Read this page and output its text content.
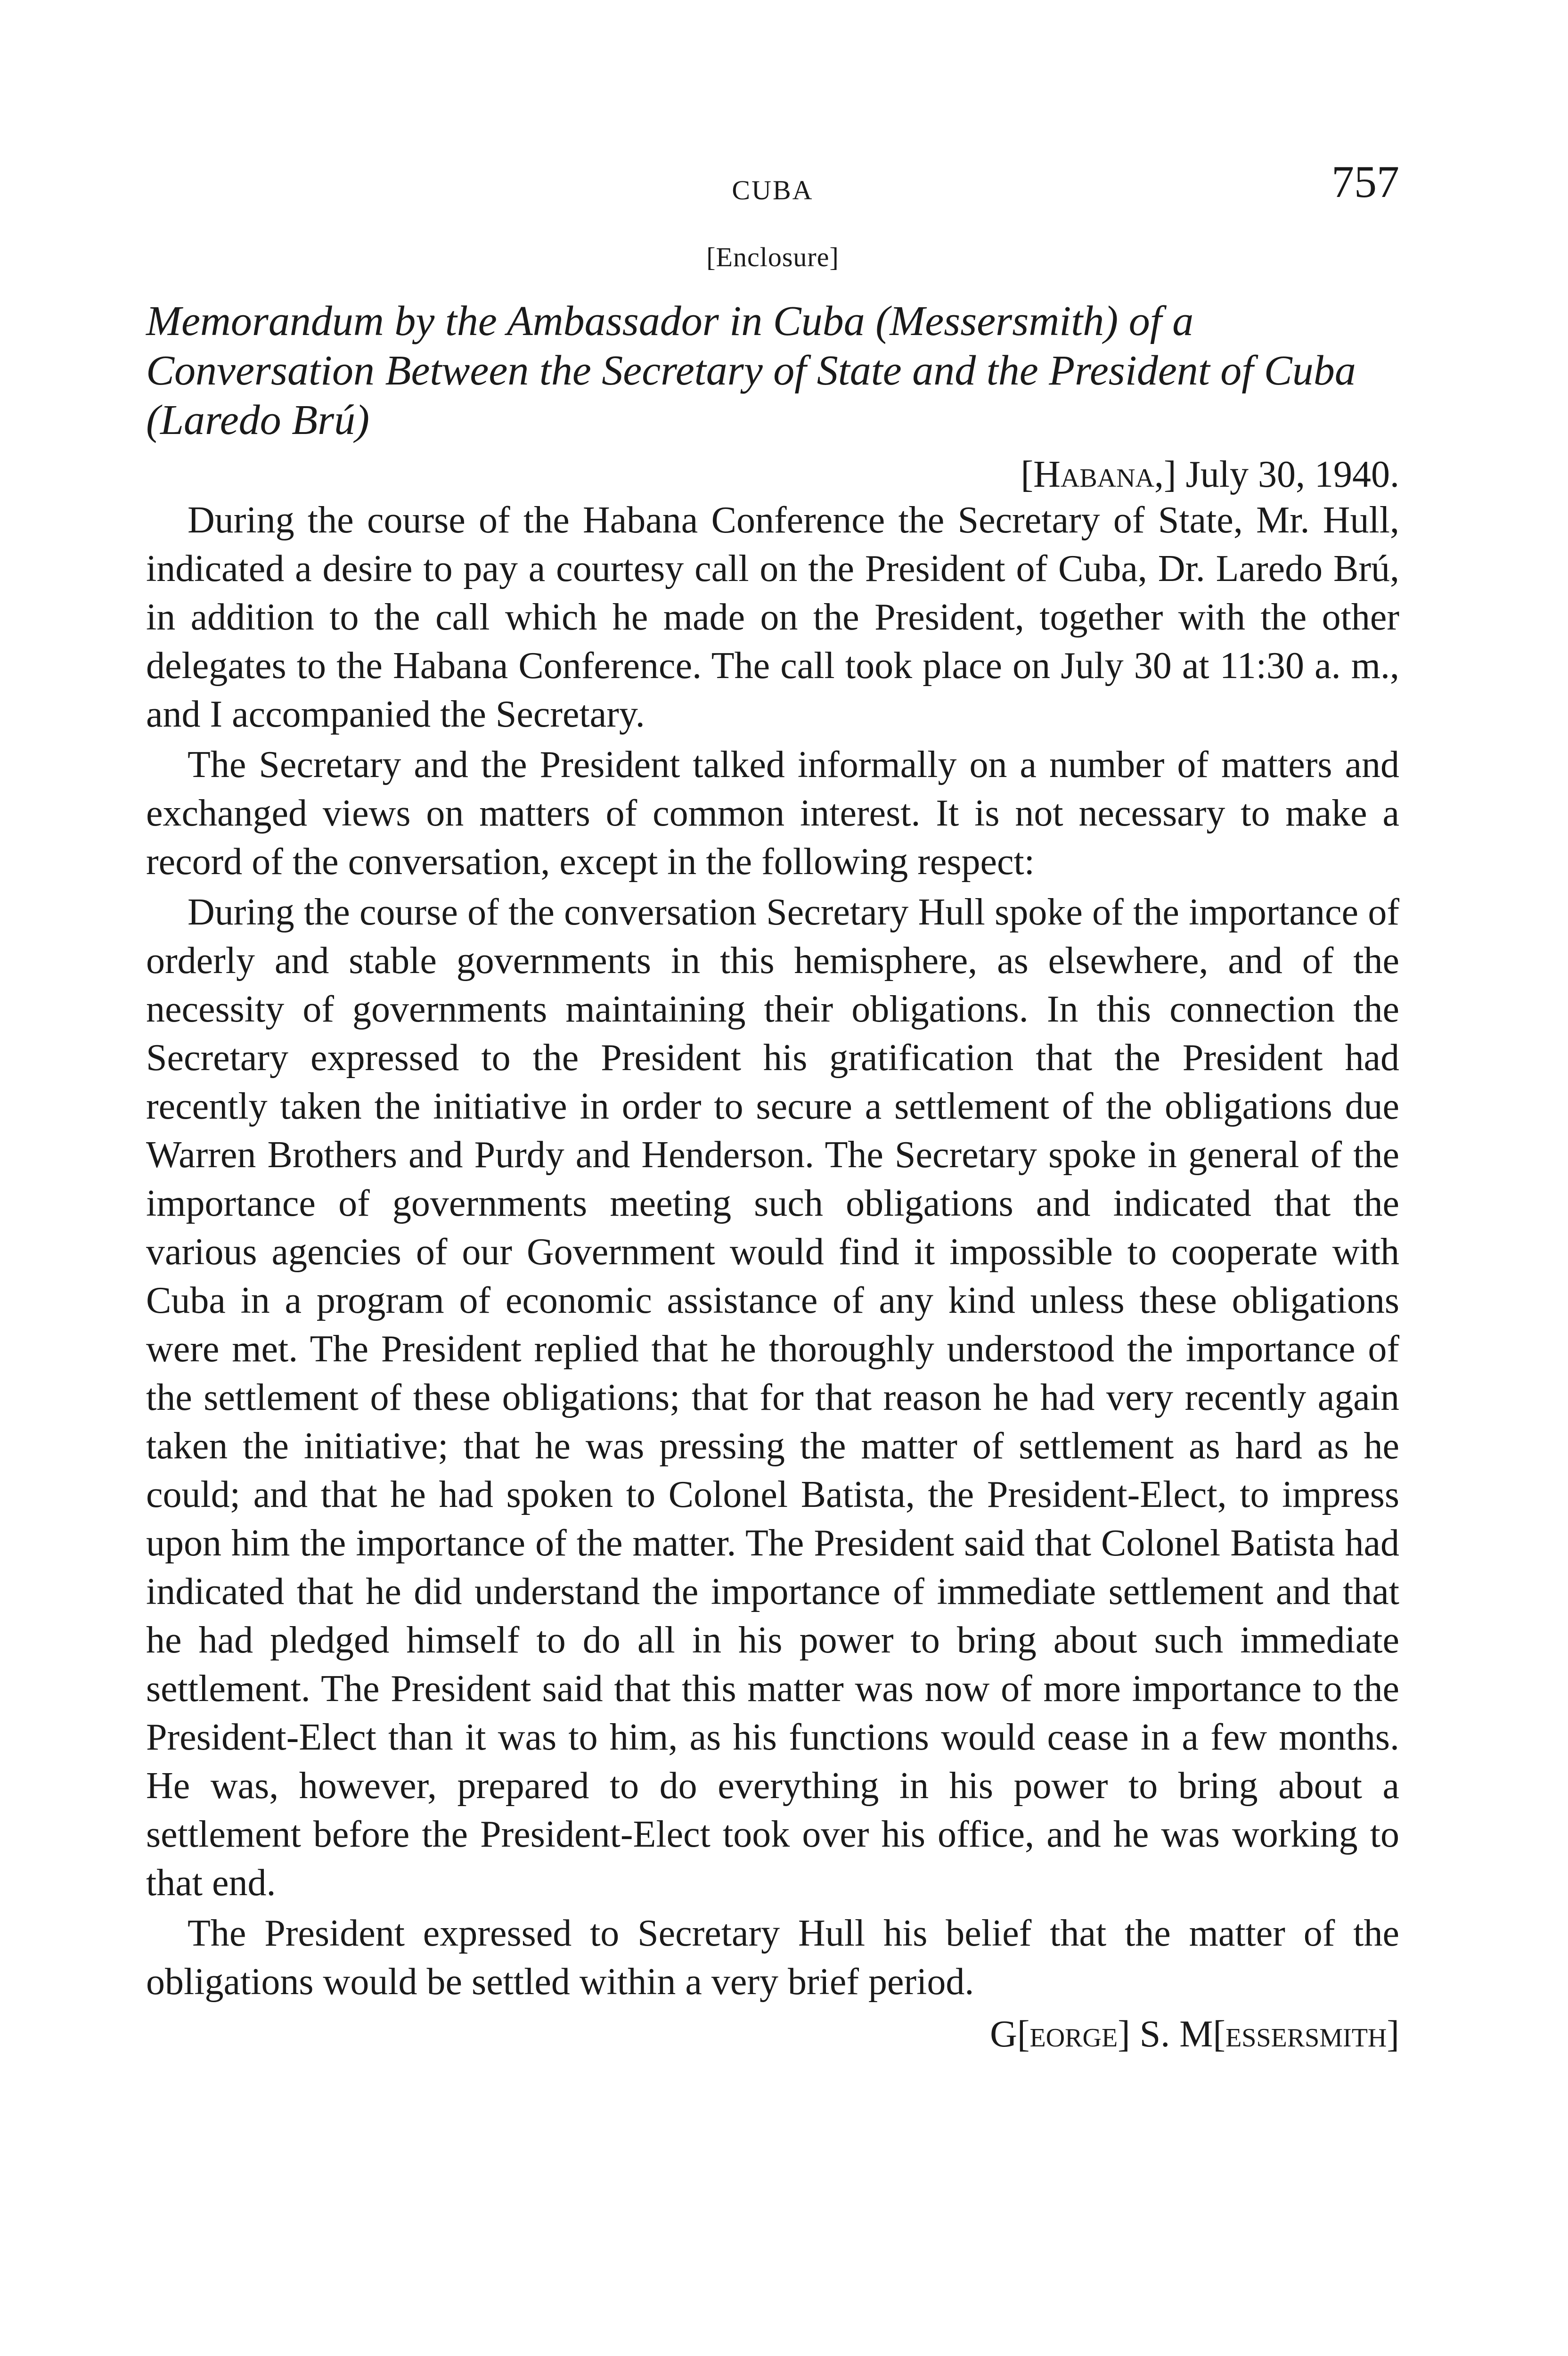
CUBA	757
[Enclosure]
Memorandum by the Ambassador in Cuba (Messersmith) of a Conversation Between the Secretary of State and the President of Cuba (Laredo Brú)
[Habana,] July 30, 1940.

During the course of the Habana Conference the Secretary of State, Mr. Hull, indicated a desire to pay a courtesy call on the President of Cuba, Dr. Laredo Brú, in addition to the call which he made on the President, together with the other delegates to the Habana Conference. The call took place on July 30 at 11:30 a. m., and I accompanied the Secretary.

The Secretary and the President talked informally on a number of matters and exchanged views on matters of common interest. It is not necessary to make a record of the conversation, except in the following respect:

During the course of the conversation Secretary Hull spoke of the importance of orderly and stable governments in this hemisphere, as elsewhere, and of the necessity of governments maintaining their obligations. In this connection the Secretary expressed to the President his gratification that the President had recently taken the initiative in order to secure a settlement of the obligations due Warren Brothers and Purdy and Henderson. The Secretary spoke in general of the importance of governments meeting such obligations and indicated that the various agencies of our Government would find it impossible to cooperate with Cuba in a program of economic assistance of any kind unless these obligations were met. The President replied that he thoroughly understood the importance of the settlement of these obligations; that for that reason he had very recently again taken the initiative; that he was pressing the matter of settlement as hard as he could; and that he had spoken to Colonel Batista, the President-Elect, to impress upon him the importance of the matter. The President said that Colonel Batista had indicated that he did understand the importance of immediate settlement and that he had pledged himself to do all in his power to bring about such immediate settlement. The President said that this matter was now of more importance to the President-Elect than it was to him, as his functions would cease in a few months. He was, however, prepared to do everything in his power to bring about a settlement before the President-Elect took over his office, and he was working to that end.

The President expressed to Secretary Hull his belief that the matter of the obligations would be settled within a very brief period.

G[eorge] S. M[essersmith]
